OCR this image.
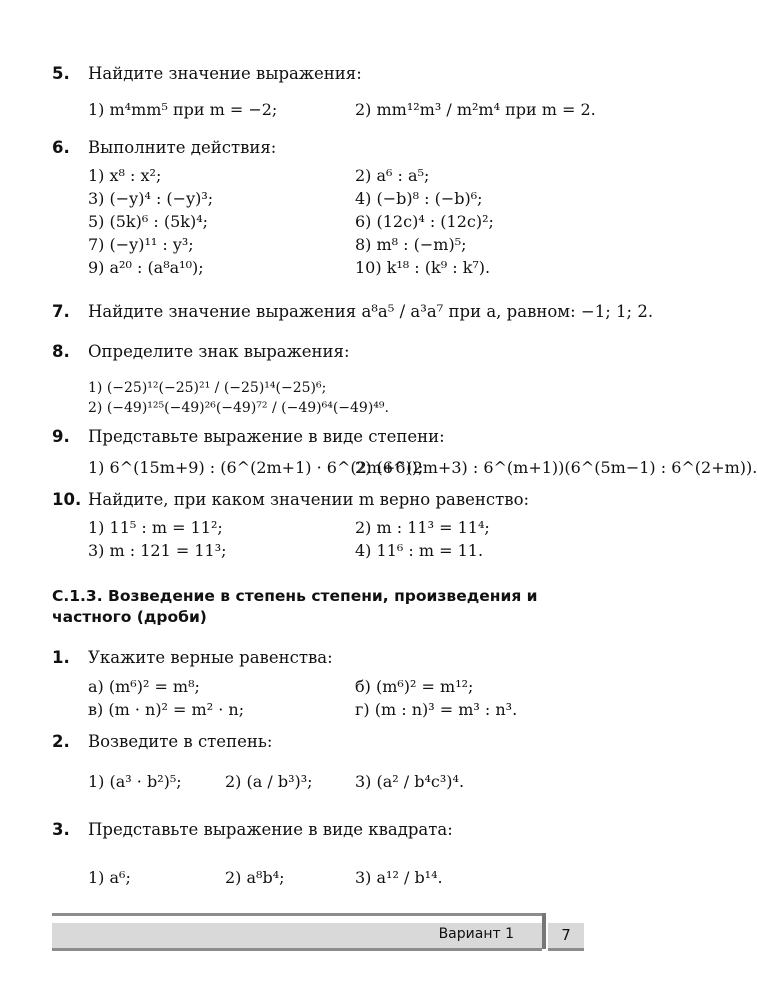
5.	Найдите значение выражения:
1) m⁴mm⁵ при m = −2;	2) mm¹²m³ / m²m⁴ при m = 2.
6.	Выполните действия:
1) x⁸ : x²;	2) a⁶ : a⁵;
3) (−y)⁴ : (−y)³;	4) (−b)⁸ : (−b)⁶;
5) (5k)⁶ : (5k)⁴;	6) (12c)⁴ : (12c)²;
7) (−y)¹¹ : y³;	8) m⁸ : (−m)⁵;
9) a²⁰ : (a⁸a¹⁰);	10) k¹⁸ : (k⁹ : k⁷).
7.	Найдите значение выражения a⁸a⁵ / a³a⁷ при a, равном: −1; 1; 2.
8.	Определите знак выражения:
1) (−25)¹²(−25)²¹ / (−25)¹⁴(−25)⁶;
2) (−49)¹²⁵(−49)²⁶(−49)⁷² / (−49)⁶⁴(−49)⁴⁹.
9.	Представьте выражение в виде степени:
1) 6^(15m+9) : (6^(2m+1) · 6^(2m+6));
2) (6^(2m+3) : 6^(m+1))(6^(5m−1) : 6^(2+m)).
10. Найдите, при каком значении m верно равенство:
1) 11⁵ : m = 11²;	2) m : 11³ = 11⁴;
3) m : 121 = 11³;	4) 11⁶ : m = 11.
С.1.3. Возведение в степень степени, произведения и частного (дроби)
1.	Укажите верные равенства:
а) (m⁶)² = m⁸;	б) (m⁶)² = m¹²;
в) (m · n)² = m² · n;	г) (m : n)³ = m³ : n³.
2.	Возведите в степень:
1) (a³ · b²)⁵;	2) (a / b³)³;	3) (a² / b⁴c³)⁴.
3.	Представьте выражение в виде квадрата:
1) a⁶;	2) a⁸b⁴;	3) a¹² / b¹⁴.
Вариант 1	7
